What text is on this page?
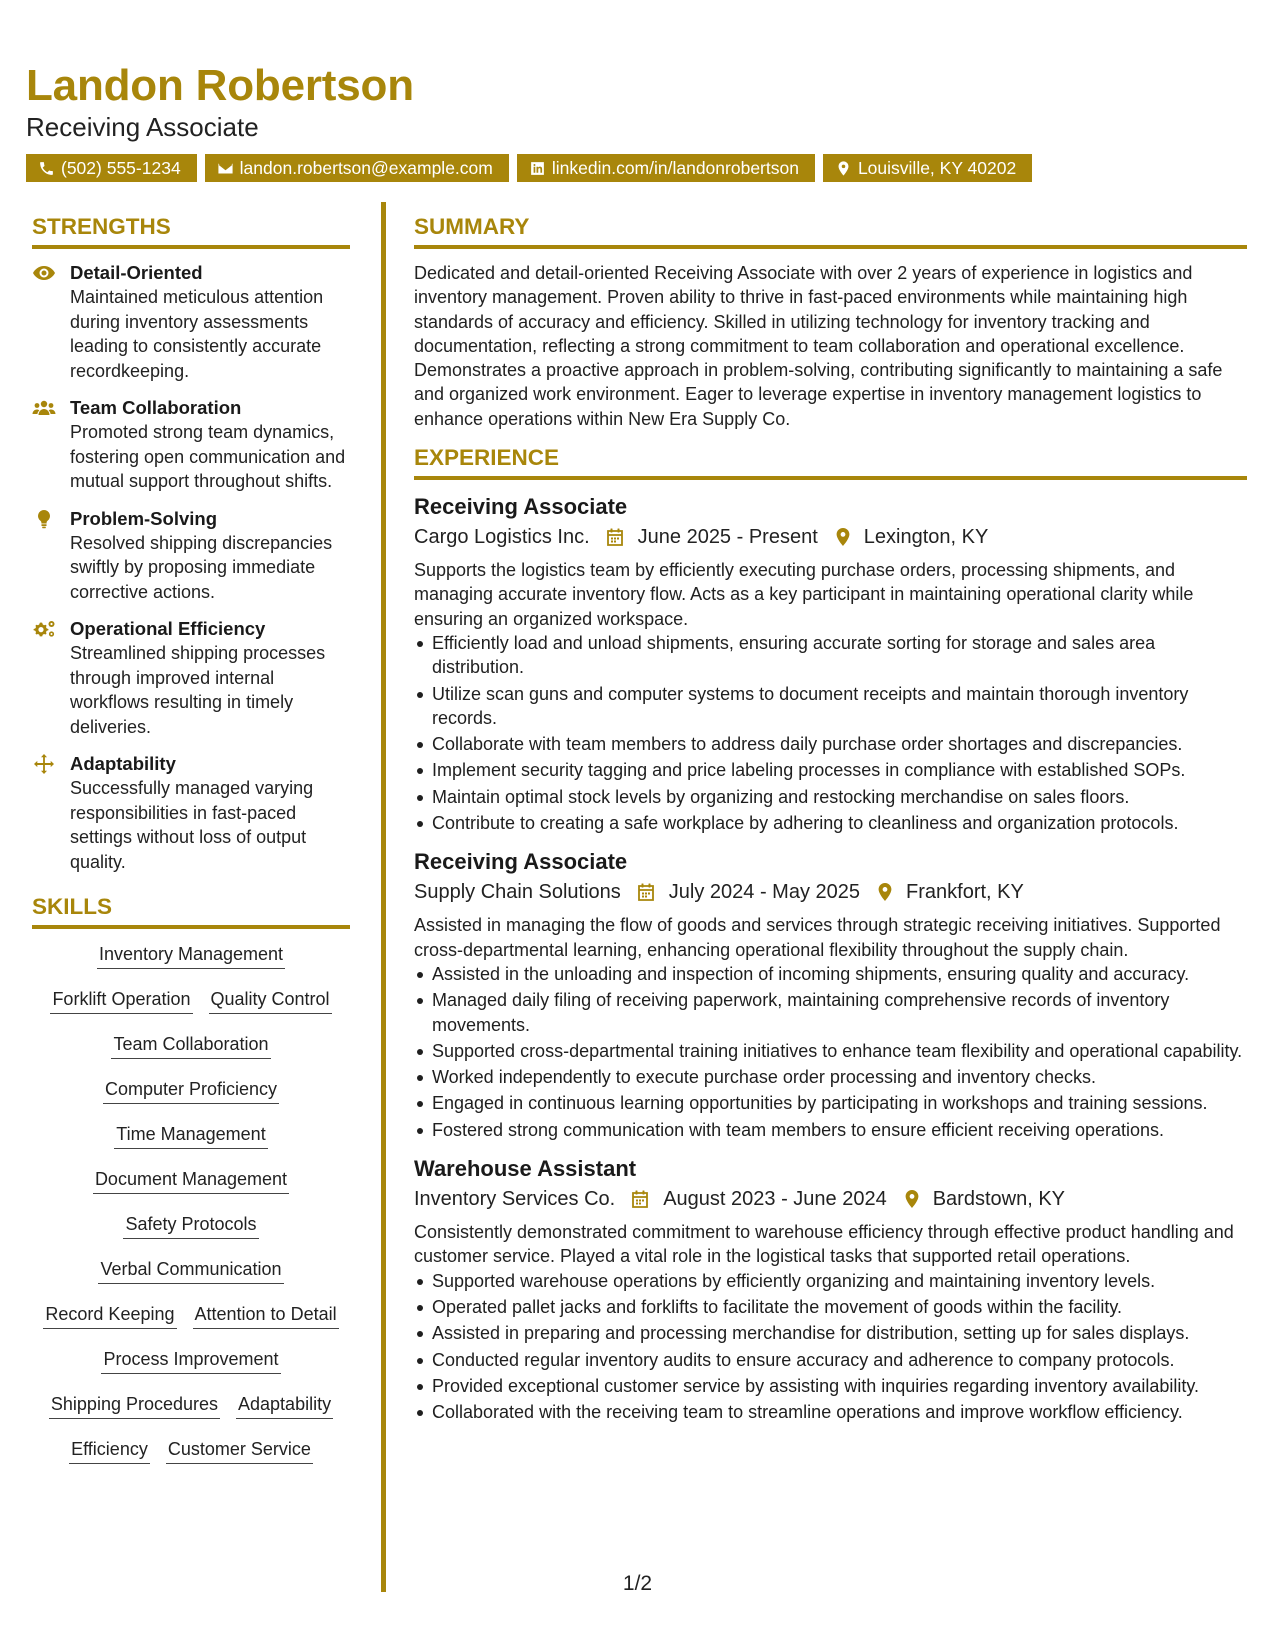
Landon Robertson
Receiving Associate
(502) 555-1234	landon.robertson@example.com	linkedin.com/in/landonrobertson	Louisville, KY 40202
STRENGTHS
Detail-Oriented
Maintained meticulous attention during inventory assessments leading to consistently accurate recordkeeping.
Team Collaboration
Promoted strong team dynamics, fostering open communication and mutual support throughout shifts.
Problem-Solving
Resolved shipping discrepancies swiftly by proposing immediate corrective actions.
Operational Efficiency
Streamlined shipping processes through improved internal workflows resulting in timely deliveries.
Adaptability
Successfully managed varying responsibilities in fast-paced settings without loss of output quality.
SKILLS
Inventory Management
Forklift Operation Quality Control
Team Collaboration
Computer Proficiency
Time Management
Document Management
Safety Protocols
Verbal Communication
Record Keeping Attention to Detail
Process Improvement
Shipping Procedures Adaptability
Efficiency Customer Service
SUMMARY
Dedicated and detail-oriented Receiving Associate with over 2 years of experience in logistics and inventory management. Proven ability to thrive in fast-paced environments while maintaining high standards of accuracy and efficiency. Skilled in utilizing technology for inventory tracking and documentation, reflecting a strong commitment to team collaboration and operational excellence. Demonstrates a proactive approach in problem-solving, contributing significantly to maintaining a safe and organized work environment. Eager to leverage expertise in inventory management logistics to enhance operations within New Era Supply Co.
EXPERIENCE
Receiving Associate
Cargo Logistics Inc. June 2025 - Present Lexington, KY
Supports the logistics team by efficiently executing purchase orders, processing shipments, and managing accurate inventory flow. Acts as a key participant in maintaining operational clarity while ensuring an organized workspace.
Efficiently load and unload shipments, ensuring accurate sorting for storage and sales area distribution.
Utilize scan guns and computer systems to document receipts and maintain thorough inventory records.
Collaborate with team members to address daily purchase order shortages and discrepancies.
Implement security tagging and price labeling processes in compliance with established SOPs.
Maintain optimal stock levels by organizing and restocking merchandise on sales floors.
Contribute to creating a safe workplace by adhering to cleanliness and organization protocols.
Receiving Associate
Supply Chain Solutions July 2024 - May 2025 Frankfort, KY
Assisted in managing the flow of goods and services through strategic receiving initiatives. Supported cross-departmental learning, enhancing operational flexibility throughout the supply chain.
Assisted in the unloading and inspection of incoming shipments, ensuring quality and accuracy.
Managed daily filing of receiving paperwork, maintaining comprehensive records of inventory movements.
Supported cross-departmental training initiatives to enhance team flexibility and operational capability.
Worked independently to execute purchase order processing and inventory checks.
Engaged in continuous learning opportunities by participating in workshops and training sessions.
Fostered strong communication with team members to ensure efficient receiving operations.
Warehouse Assistant
Inventory Services Co. August 2023 - June 2024 Bardstown, KY
Consistently demonstrated commitment to warehouse efficiency through effective product handling and customer service. Played a vital role in the logistical tasks that supported retail operations.
Supported warehouse operations by efficiently organizing and maintaining inventory levels.
Operated pallet jacks and forklifts to facilitate the movement of goods within the facility.
Assisted in preparing and processing merchandise for distribution, setting up for sales displays.
Conducted regular inventory audits to ensure accuracy and adherence to company protocols.
Provided exceptional customer service by assisting with inquiries regarding inventory availability.
Collaborated with the receiving team to streamline operations and improve workflow efficiency.
1/2
